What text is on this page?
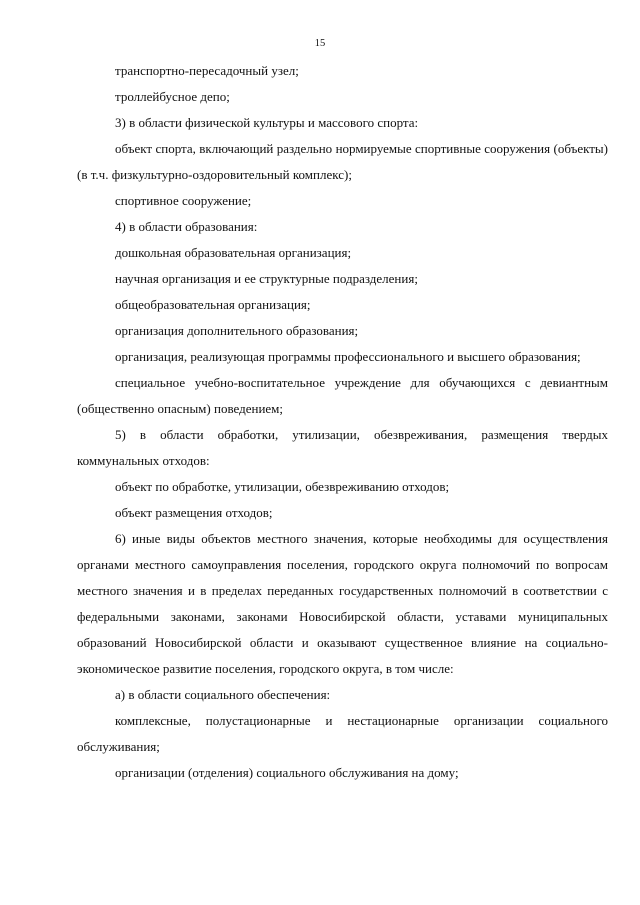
15

транспортно-пересадочный узел;

троллейбусное депо;

3) в области физической культуры и массового спорта:

объект спорта, включающий раздельно нормируемые спортивные сооружения (объекты) (в т.ч. физкультурно-оздоровительный комплекс);

спортивное сооружение;

4) в области образования:

дошкольная образовательная организация;

научная организация и ее структурные подразделения;

общеобразовательная организация;

организация дополнительного образования;

организация, реализующая программы профессионального и высшего образования;

специальное учебно-воспитательное учреждение для обучающихся с девиантным (общественно опасным) поведением;

5) в области обработки, утилизации, обезвреживания, размещения твердых коммунальных отходов:

объект по обработке, утилизации, обезвреживанию отходов;

объект размещения отходов;

6) иные виды объектов местного значения, которые необходимы для осуществления органами местного самоуправления поселения, городского округа полномочий по вопросам местного значения и в пределах переданных государственных полномочий в соответствии с федеральными законами, законами Новосибирской области, уставами муниципальных образований Новосибирской области и оказывают существенное влияние на социально-экономическое развитие поселения, городского округа, в том числе:

а) в области социального обеспечения:

комплексные, полустационарные и нестационарные организации социального обслуживания;

организации (отделения) социального обслуживания на дому;
